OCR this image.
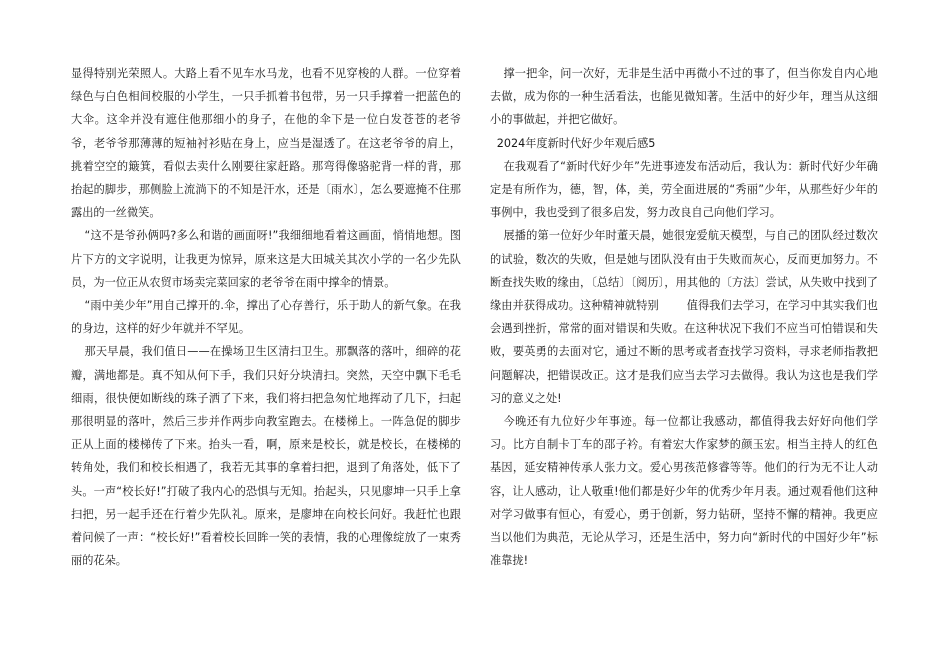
显得特别光荣照人。大路上看不见车水马龙，也看不见穿梭的人群。一位穿着绿色与白色相间校服的小学生，一只手抓着书包带，另一只手撑着一把蓝色的大伞。这伞并没有遮住他那细小的身子，在他的伞下是一位白发苍苍的老爷爷，老爷爷那薄薄的短袖衬衫贴在身上，应当是湿透了。在这老爷爷的肩上，挑着空空的簸箕，看似去卖什么刚要往家赶路。那弯得像骆驼背一样的背，那抬起的脚步，那侧脸上流淌下的不知是汗水，还是〔雨水〕，怎么要遮掩不住那露出的一丝微笑。

“这不是爷孙俩吗?多么和谐的画面呀!”我细细地看着这画面，悄悄地想。图片下方的文字说明，让我更为惊异，原来这是大田城关其次小学的一名少先队员，为一位正从农贸市场卖完菜回家的老爷爷在雨中撑伞的情景。

“雨中美少年”用自己撑开的.伞，撑出了心存善行，乐于助人的新气象。在我的身边，这样的好少年就并不罕见。

那天早晨，我们值日——在操场卫生区清扫卫生。那飘落的落叶，细碎的花瓣，满地都是。真不知从何下手，我们只好分块清扫。突然，天空中飘下毛毛细雨，很快便如断线的珠子洒了下来，我们将扫把急匆忙地挥动了几下，扫起那很明显的落叶，然后三步并作两步向教室跑去。在楼梯上。一阵急促的脚步正从上面的楼梯传了下来。抬头一看，啊，原来是校长，就是校长，在楼梯的转角处，我们和校长相遇了，我若无其事的拿着扫把，退到了角落处，低下了头。一声“校长好!”打破了我内心的恐惧与无知。抬起头，只见廖坤一只手上拿扫把，另一起手还在行着少先队礼。原来，是廖坤在向校长问好。我赶忙也跟着问候了一声：“校长好!”看着校长回眸一笑的表情，我的心理像绽放了一束秀丽的花朵。

撑一把伞，问一次好，无非是生活中再微小不过的事了，但当你发自内心地去做，成为你的一种生活看法，也能见微知著。生活中的好少年，理当从这细小的事做起，并把它做好。

2024年度新时代好少年观后感5

在我观看了“新时代好少年”先进事迹发布活动后，我认为：新时代好少年确定是有所作为，德，智，体，美，劳全面进展的“秀丽”少年，从那些好少年的事例中，我也受到了很多启发，努力改良自己向他们学习。

展播的第一位好少年时董天晨，她很宠爱航天模型，与自己的团队经过数次的试验，数次的失败，但是她与团队没有由于失败而灰心，反而更加努力。不断查找失败的缘由，〔总结〕〔阅历〕，用其他的〔方法〕尝试，从失败中找到了缘由并获得成功。这种精神就特别	值得我们去学习，在学习中其实我们也会遇到挫折，常常的面对错误和失败。在这种状况下我们不应当可怕错误和失败，要英勇的去面对它，通过不断的思考或者查找学习资料，寻求老师指教把问题解决，把错误改正。这才是我们应当去学习去做得。我认为这也是我们学习的意义之处!

今晚还有九位好少年事迹。每一位都让我感动，都值得我去好好向他们学习。比方自制卡丁车的邵子衿。有着宏大作家梦的颜玉宏。相当主持人的红色基因，延安精神传承人张力文。爱心男孩范修睿等等。他们的行为无不让人动容，让人感动，让人敬重!他们都是好少年的优秀少年月表。通过观看他们这种对学习做事有恒心，有爱心，勇于创新，努力钻研，坚持不懈的精神。我更应当以他们为典范，无论从学习，还是生活中，努力向“新时代的中国好少年”标准靠拢!
